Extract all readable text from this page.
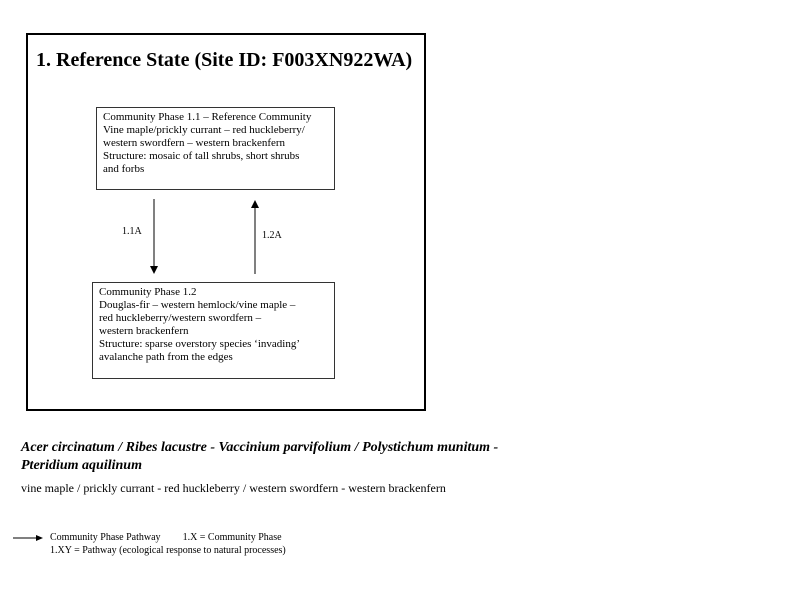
1. Reference State (Site ID: F003XN922WA)
Community Phase 1.1 – Reference Community
Vine maple/prickly currant – red huckleberry/
western swordfern – western brackenfern
Structure: mosaic of tall shrubs, short shrubs
and forbs
1.1A	1.2A
Community Phase 1.2
Douglas-fir – western hemlock/vine maple –
red huckleberry/western swordfern –
western brackenfern
Structure: sparse overstory species ‘invading’
avalanche path from the edges

Acer circinatum / Ribes lacustre - Vaccinium parvifolium / Polystichum munitum - Pteridium aquilinum

vine maple / prickly currant - red huckleberry / western swordfern - western brackenfern

Community Phase Pathway 1.X = Community Phase
1.XY = Pathway (ecological response to natural processes)
